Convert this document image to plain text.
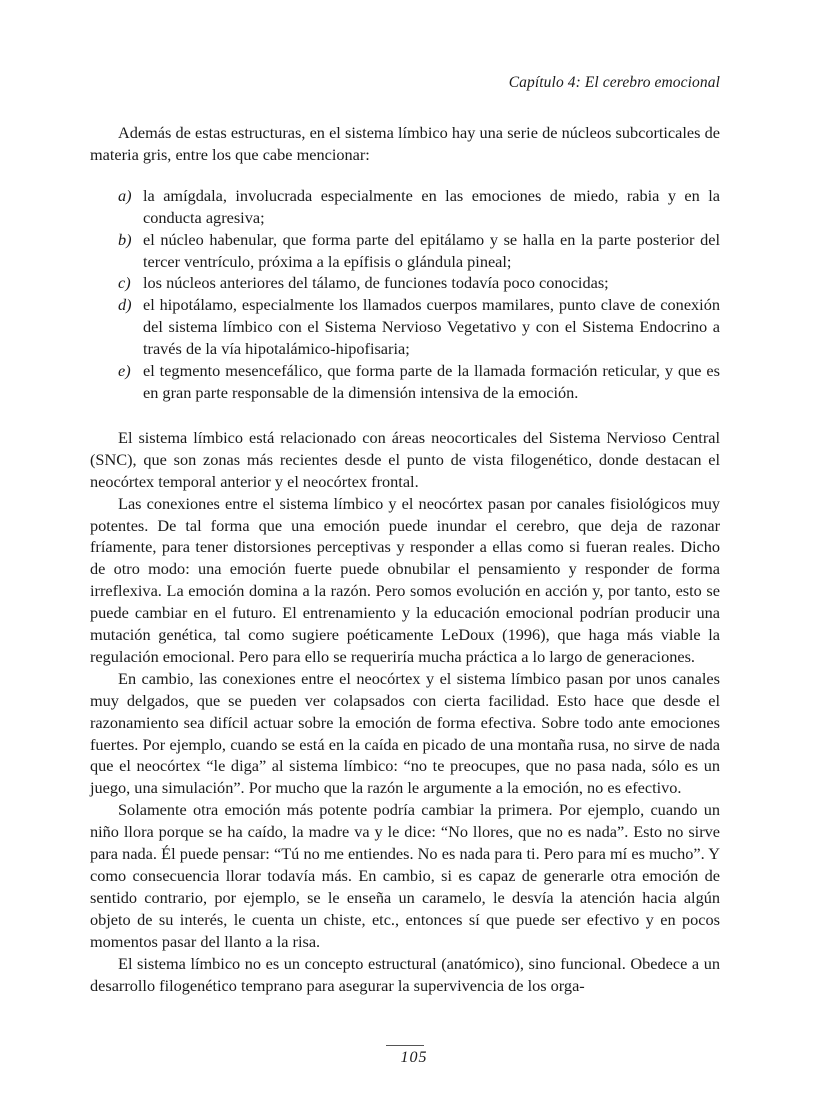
Capítulo 4: El cerebro emocional

Además de estas estructuras, en el sistema límbico hay una serie de núcleos subcorticales de materia gris, entre los que cabe mencionar:

a) la amígdala, involucrada especialmente en las emociones de miedo, rabia y en la conducta agresiva;
b) el núcleo habenular, que forma parte del epitálamo y se halla en la parte posterior del tercer ventrículo, próxima a la epífisis o glándula pineal;
c) los núcleos anteriores del tálamo, de funciones todavía poco conocidas;
d) el hipotálamo, especialmente los llamados cuerpos mamilares, punto clave de conexión del sistema límbico con el Sistema Nervioso Vegetativo y con el Sistema Endocrino a través de la vía hipotalámico-hipofisaria;
e) el tegmento mesencefálico, que forma parte de la llamada formación reticular, y que es en gran parte responsable de la dimensión intensiva de la emoción.

El sistema límbico está relacionado con áreas neocorticales del Sistema Nervioso Central (SNC), que son zonas más recientes desde el punto de vista filogenético, donde destacan el neocórtex temporal anterior y el neocórtex frontal.

Las conexiones entre el sistema límbico y el neocórtex pasan por canales fisiológicos muy potentes. De tal forma que una emoción puede inundar el cerebro, que deja de razonar fríamente, para tener distorsiones perceptivas y responder a ellas como si fueran reales. Dicho de otro modo: una emoción fuerte puede obnubilar el pensamiento y responder de forma irreflexiva. La emoción domina a la razón. Pero somos evolución en acción y, por tanto, esto se puede cambiar en el futuro. El entrenamiento y la educación emocional podrían producir una mutación genética, tal como sugiere poéticamente LeDoux (1996), que haga más viable la regulación emocional. Pero para ello se requeriría mucha práctica a lo largo de generaciones.

En cambio, las conexiones entre el neocórtex y el sistema límbico pasan por unos canales muy delgados, que se pueden ver colapsados con cierta facilidad. Esto hace que desde el razonamiento sea difícil actuar sobre la emoción de forma efectiva. Sobre todo ante emociones fuertes. Por ejemplo, cuando se está en la caída en picado de una montaña rusa, no sirve de nada que el neocórtex “le diga” al sistema límbico: “no te preocupes, que no pasa nada, sólo es un juego, una simulación”. Por mucho que la razón le argumente a la emoción, no es efectivo.

Solamente otra emoción más potente podría cambiar la primera. Por ejemplo, cuando un niño llora porque se ha caído, la madre va y le dice: “No llores, que no es nada”. Esto no sirve para nada. Él puede pensar: “Tú no me entiendes. No es nada para ti. Pero para mí es mucho”. Y como consecuencia llorar todavía más. En cambio, si es capaz de generarle otra emoción de sentido contrario, por ejemplo, se le enseña un caramelo, le desvía la atención hacia algún objeto de su interés, le cuenta un chiste, etc., entonces sí que puede ser efectivo y en pocos momentos pasar del llanto a la risa.

El sistema límbico no es un concepto estructural (anatómico), sino funcional. Obedece a un desarrollo filogenético temprano para asegurar la supervivencia de los orga-

105
